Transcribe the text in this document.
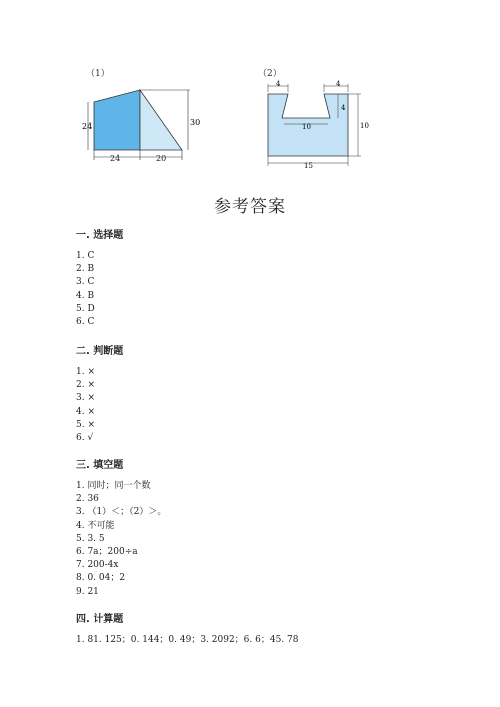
（1）	（2）
24	30
24	20
4	4
10
4
10
15
参考答案
一. 选择题
1. C
2. B
3. C
4. B
5. D
6. C
二. 判断题
1. ×
2. ×
3. ×
4. ×
5. ×
6. √
三. 填空题
1. 同时；同一个数
2. 36
3. （1）＜；（2）＞。
4. 不可能
5. 3. 5
6. 7a；200÷a
7. 200-4x
8. 0. 04；2
9. 21
四. 计算题
1. 81. 125；0. 144；0. 49；3. 2092；6. 6；45. 78
